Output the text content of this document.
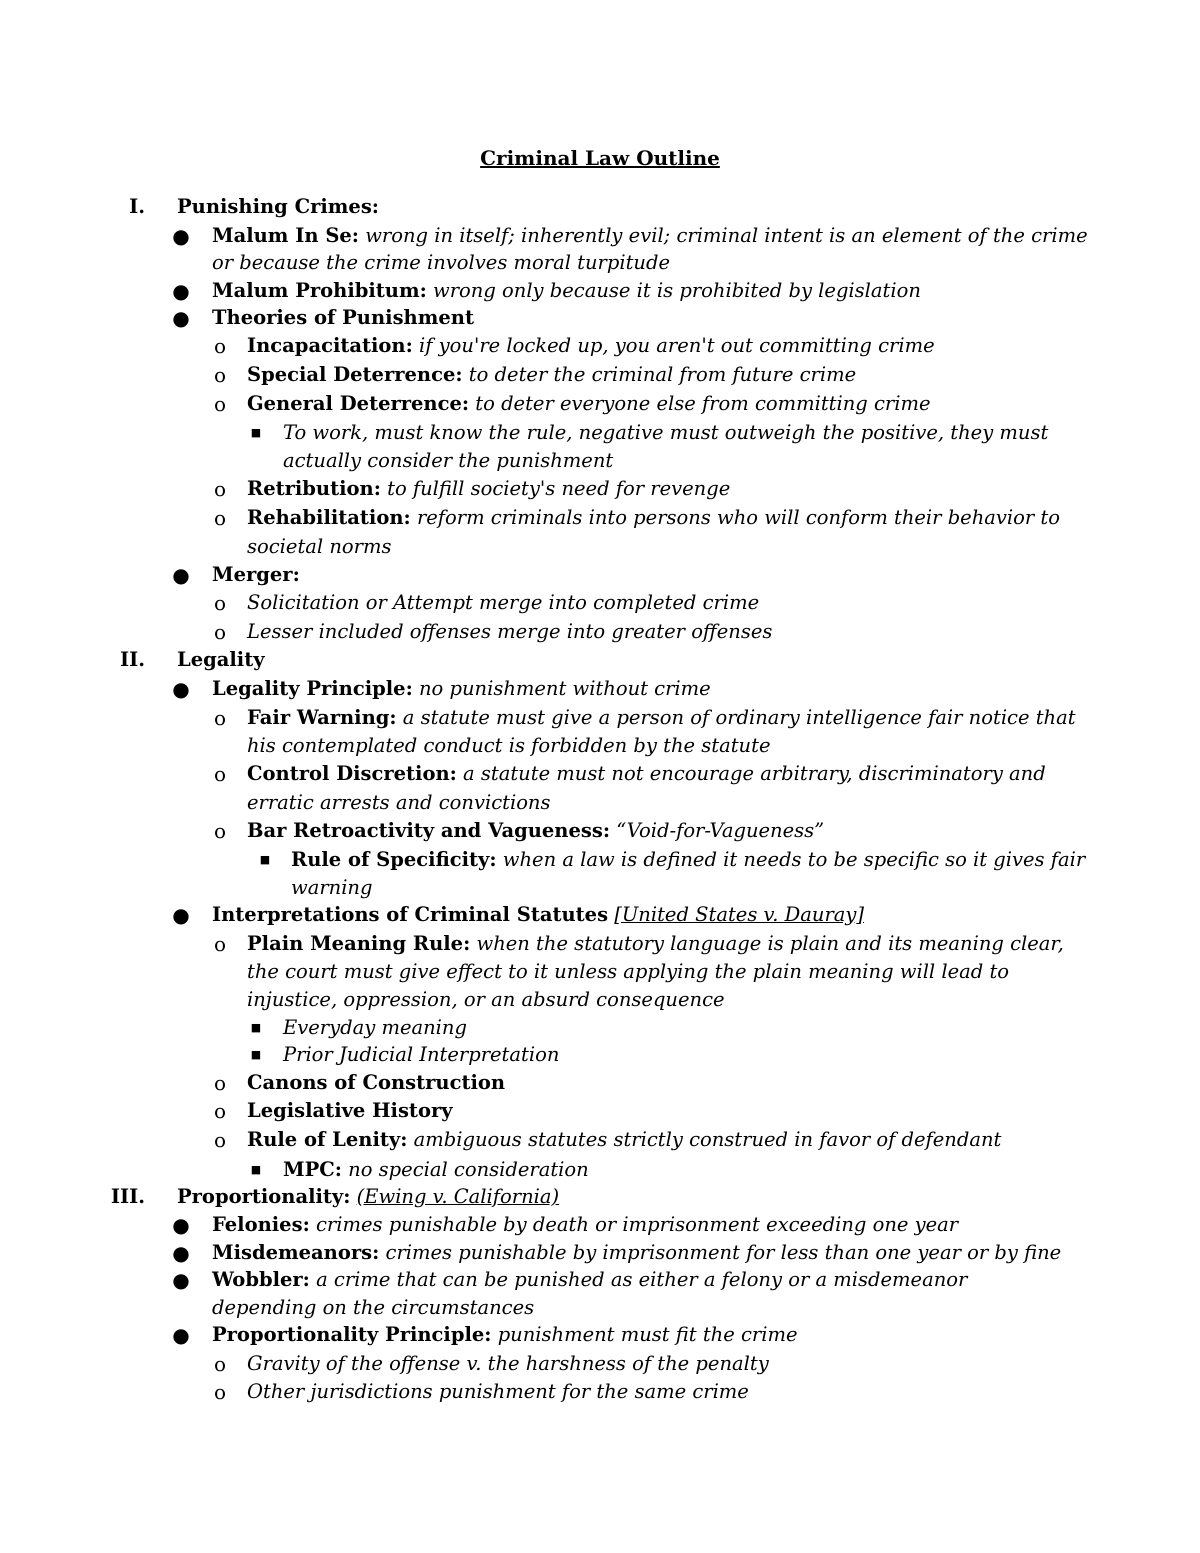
Criminal Law Outline
I. Punishing Crimes:
● Malum In Se: wrong in itself; inherently evil; criminal intent is an element of the crime
or because the crime involves moral turpitude
● Malum Prohibitum: wrong only because it is prohibited by legislation
● Theories of Punishment
o Incapacitation: if you're locked up, you aren't out committing crime
o Special Deterrence: to deter the criminal from future crime
o General Deterrence: to deter everyone else from committing crime
■ To work, must know the rule, negative must outweigh the positive, they must
actually consider the punishment
o Retribution: to fulfill society's need for revenge
o Rehabilitation: reform criminals into persons who will conform their behavior to
societal norms
● Merger:
o Solicitation or Attempt merge into completed crime
o Lesser included offenses merge into greater offenses
II. Legality
● Legality Principle: no punishment without crime
o Fair Warning: a statute must give a person of ordinary intelligence fair notice that
his contemplated conduct is forbidden by the statute
o Control Discretion: a statute must not encourage arbitrary, discriminatory and
erratic arrests and convictions
o Bar Retroactivity and Vagueness: “Void-for-Vagueness”
■ Rule of Specificity: when a law is defined it needs to be specific so it gives fair
warning
● Interpretations of Criminal Statutes [United States v. Dauray]
o Plain Meaning Rule: when the statutory language is plain and its meaning clear,
the court must give effect to it unless applying the plain meaning will lead to
injustice, oppression, or an absurd consequence
■ Everyday meaning
■ Prior Judicial Interpretation
o Canons of Construction
o Legislative History
o Rule of Lenity: ambiguous statutes strictly construed in favor of defendant
■ MPC: no special consideration
III. Proportionality: (Ewing v. California)
● Felonies: crimes punishable by death or imprisonment exceeding one year
● Misdemeanors: crimes punishable by imprisonment for less than one year or by fine
● Wobbler: a crime that can be punished as either a felony or a misdemeanor
depending on the circumstances
● Proportionality Principle: punishment must fit the crime
o Gravity of the offense v. the harshness of the penalty
o Other jurisdictions punishment for the same crime
